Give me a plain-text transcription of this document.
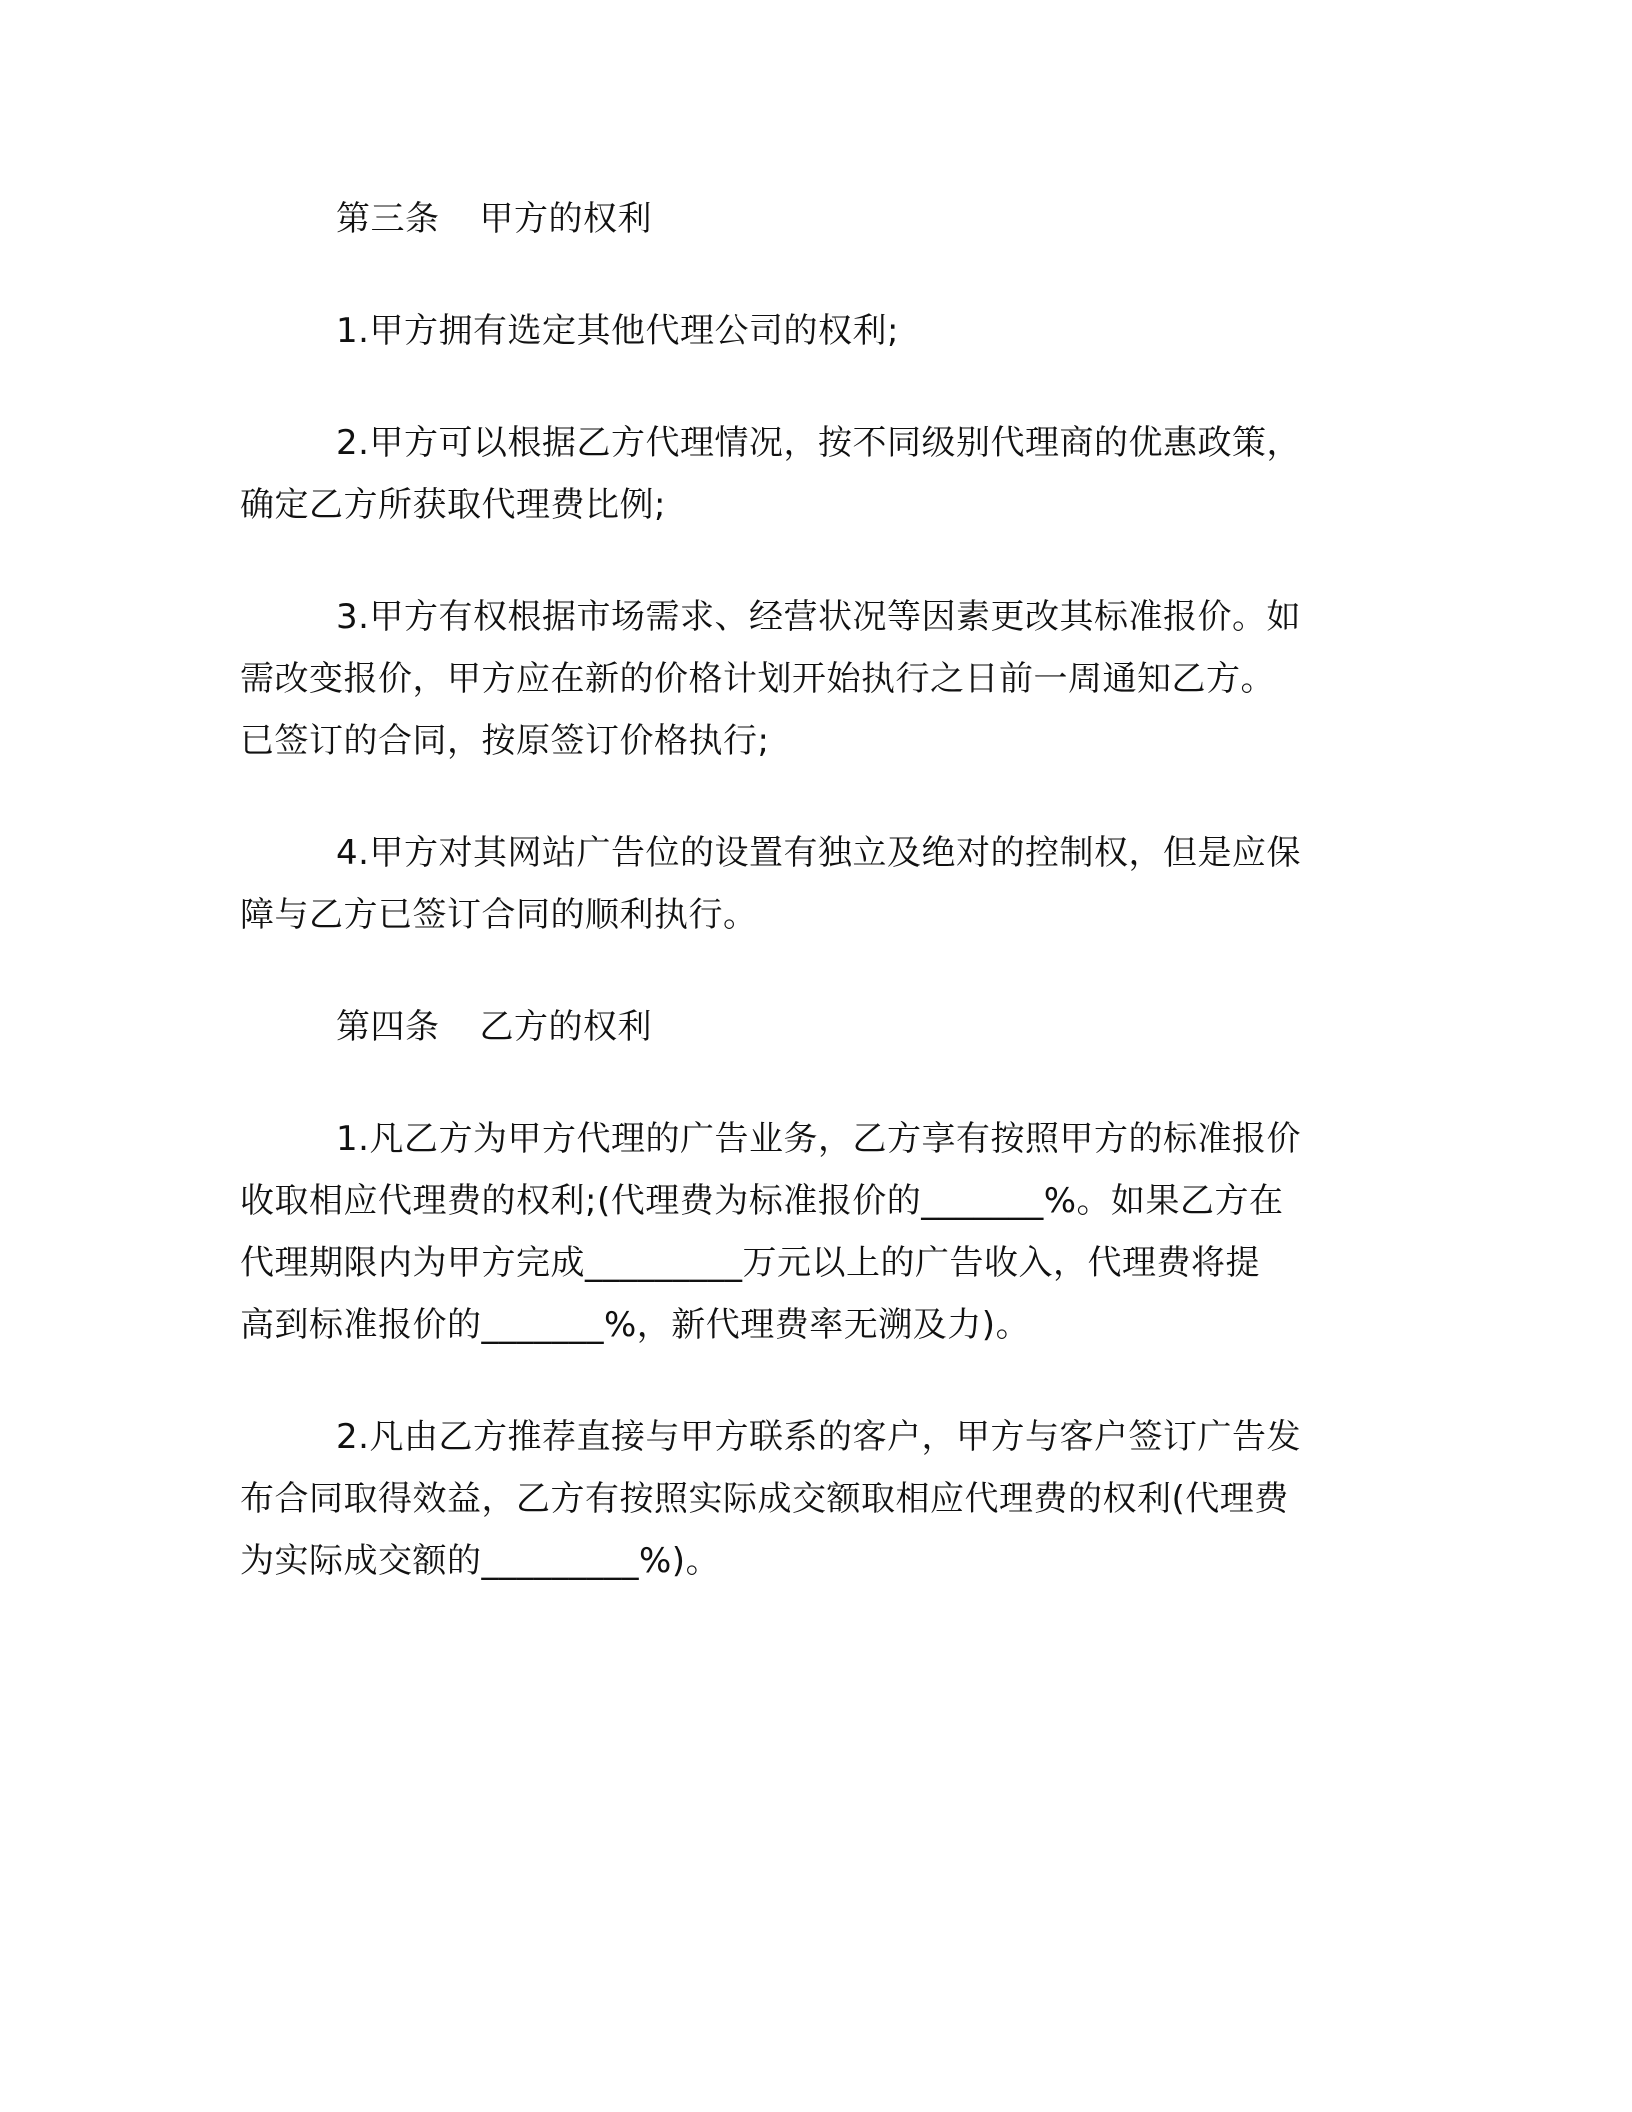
第三条 甲方的权利
1.甲方拥有选定其他代理公司的权利;
2.甲方可以根据乙方代理情况，按不同级别代理商的优惠政策，
确定乙方所获取代理费比例;
3.甲方有权根据市场需求、经营状况等因素更改其标准报价。如
需改变报价，甲方应在新的价格计划开始执行之日前一周通知乙方。
已签订的合同，按原签订价格执行;
4.甲方对其网站广告位的设置有独立及绝对的控制权，但是应保
障与乙方已签订合同的顺利执行。
第四条 乙方的权利
1.凡乙方为甲方代理的广告业务，乙方享有按照甲方的标准报价
收取相应代理费的权利;(代理费为标准报价的_______%。如果乙方在
代理期限内为甲方完成_________万元以上的广告收入，代理费将提
高到标准报价的_______%，新代理费率无溯及力)。
2.凡由乙方推荐直接与甲方联系的客户，甲方与客户签订广告发
布合同取得效益，乙方有按照实际成交额取相应代理费的权利(代理费
为实际成交额的_________%)。
